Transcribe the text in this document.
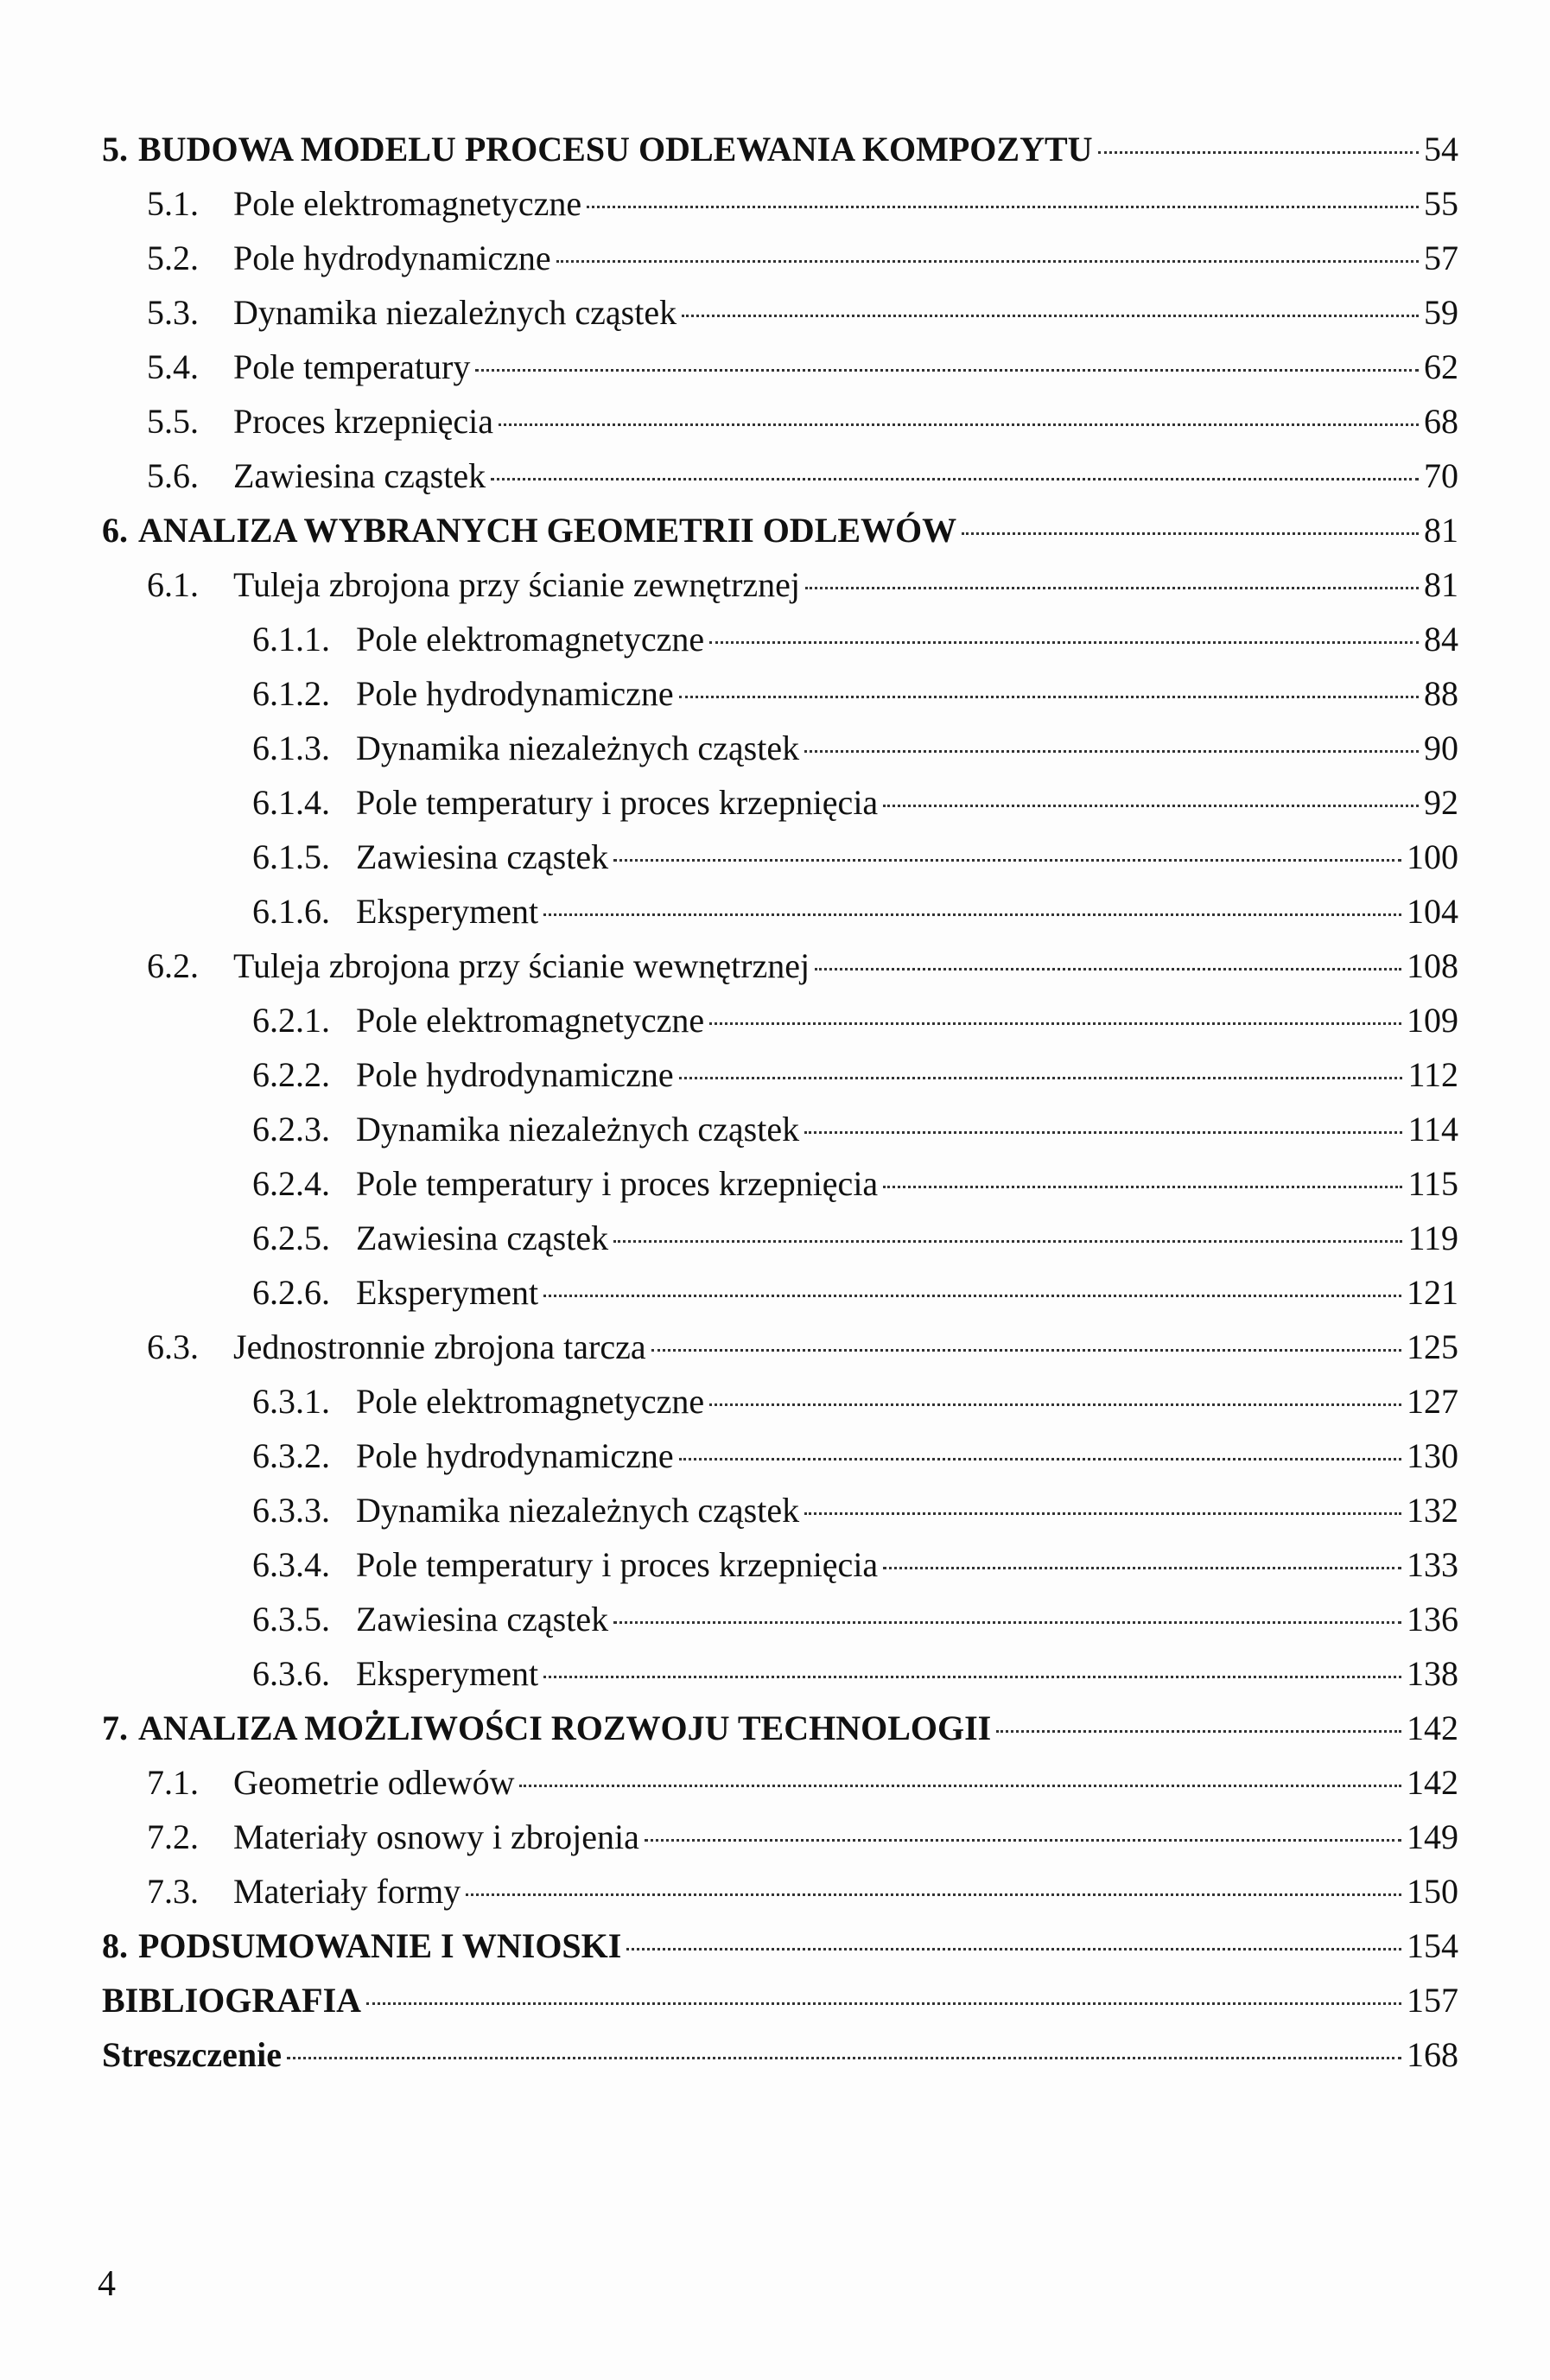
5. BUDOWA MODELU PROCESU ODLEWANIA KOMPOZYTU	54
5.1.	Pole elektromagnetyczne	55
5.2.	Pole hydrodynamiczne	57
5.3.	Dynamika niezależnych cząstek	59
5.4.	Pole temperatury	62
5.5.	Proces krzepnięcia	68
5.6.	Zawiesina cząstek	70
6. ANALIZA WYBRANYCH GEOMETRII ODLEWÓW	81
6.1.	Tuleja zbrojona przy ścianie zewnętrznej	81
6.1.1. Pole elektromagnetyczne	84
6.1.2. Pole hydrodynamiczne	88
6.1.3. Dynamika niezależnych cząstek	90
6.1.4. Pole temperatury i proces krzepnięcia	92
6.1.5. Zawiesina cząstek	100
6.1.6. Eksperyment	104
6.2.	Tuleja zbrojona przy ścianie wewnętrznej	108
6.2.1. Pole elektromagnetyczne	109
6.2.2. Pole hydrodynamiczne	112
6.2.3. Dynamika niezależnych cząstek	114
6.2.4. Pole temperatury i proces krzepnięcia	115
6.2.5. Zawiesina cząstek	119
6.2.6. Eksperyment	121
6.3.	Jednostronnie zbrojona tarcza	125
6.3.1. Pole elektromagnetyczne	127
6.3.2. Pole hydrodynamiczne	130
6.3.3. Dynamika niezależnych cząstek	132
6.3.4. Pole temperatury i proces krzepnięcia	133
6.3.5. Zawiesina cząstek	136
6.3.6. Eksperyment	138
7. ANALIZA MOŻLIWOŚCI ROZWOJU TECHNOLOGII	142
7.1.	Geometrie odlewów	142
7.2.	Materiały osnowy i zbrojenia	149
7.3.	Materiały formy	150
8. PODSUMOWANIE I WNIOSKI	154
BIBLIOGRAFIA	157
Streszczenie	168
4
